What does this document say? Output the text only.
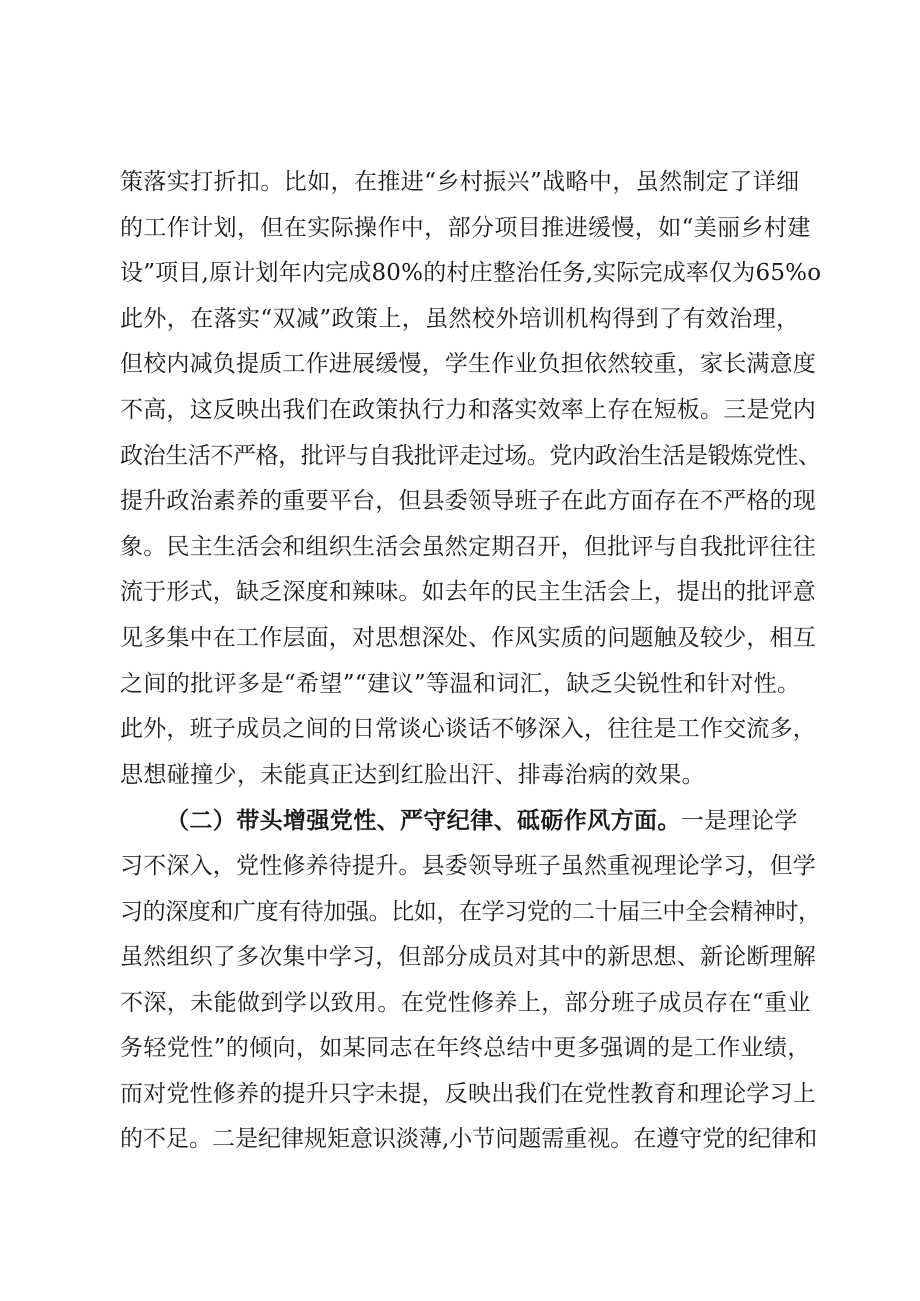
策落实打折扣。比如，在推进“乡村振兴”战略中，虽然制定了详细
的工作计划，但在实际操作中，部分项目推进缓慢，如“美丽乡村建
设”项目,原计划年内完成80%的村庄整治任务,实际完成率仅为65%o
此外，在落实“双减”政策上，虽然校外培训机构得到了有效治理，
但校内减负提质工作进展缓慢，学生作业负担依然较重，家长满意度
不高，这反映出我们在政策执行力和落实效率上存在短板。三是党内
政治生活不严格，批评与自我批评走过场。党内政治生活是锻炼党性、
提升政治素养的重要平台，但县委领导班子在此方面存在不严格的现
象。民主生活会和组织生活会虽然定期召开，但批评与自我批评往往
流于形式，缺乏深度和辣味。如去年的民主生活会上，提出的批评意
见多集中在工作层面，对思想深处、作风实质的问题触及较少，相互
之间的批评多是“希望”“建议”等温和词汇，缺乏尖锐性和针对性。
此外，班子成员之间的日常谈心谈话不够深入，往往是工作交流多，
思想碰撞少，未能真正达到红脸出汗、排毒治病的效果。
（二）带头增强党性、严守纪律、砥砺作风方面。一是理论学
习不深入，党性修养待提升。县委领导班子虽然重视理论学习，但学
习的深度和广度有待加强。比如，在学习党的二十届三中全会精神时，
虽然组织了多次集中学习，但部分成员对其中的新思想、新论断理解
不深，未能做到学以致用。在党性修养上，部分班子成员存在“重业
务轻党性”的倾向，如某同志在年终总结中更多强调的是工作业绩，
而对党性修养的提升只字未提，反映出我们在党性教育和理论学习上
的不足。二是纪律规矩意识淡薄,小节问题需重视。在遵守党的纪律和
